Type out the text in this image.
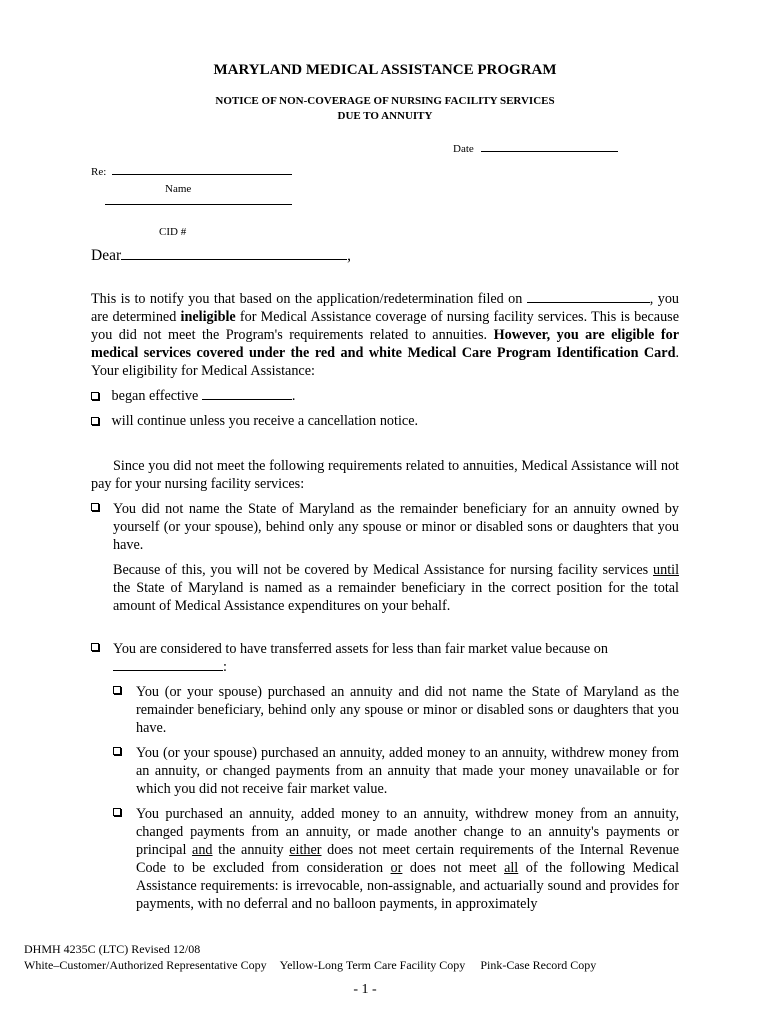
MARYLAND MEDICAL ASSISTANCE PROGRAM
NOTICE OF NON-COVERAGE OF NURSING FACILITY SERVICES
DUE TO ANNUITY
Date
Re:
Name
CID #
Dear	,
This is to notify you that based on the application/redetermination filed on	, you are determined ineligible for Medical Assistance coverage of nursing facility services. This is because you did not meet the Program's requirements related to annuities. However, you are eligible for medical services covered under the red and white Medical Care Program Identification Card. Your eligibility for Medical Assistance:
began effective	.
will continue unless you receive a cancellation notice.
Since you did not meet the following requirements related to annuities, Medical Assistance will not pay for your nursing facility services:
You did not name the State of Maryland as the remainder beneficiary for an annuity owned by yourself (or your spouse), behind only any spouse or minor or disabled sons or daughters that you have.
Because of this, you will not be covered by Medical Assistance for nursing facility services until the State of Maryland is named as a remainder beneficiary in the correct position for the total amount of Medical Assistance expenditures on your behalf.
You are considered to have transferred assets for less than fair market value because on
:
You (or your spouse) purchased an annuity and did not name the State of Maryland as the remainder beneficiary, behind only any spouse or minor or disabled sons or daughters that you have.
You (or your spouse) purchased an annuity, added money to an annuity, withdrew money from an annuity, or changed payments from an annuity that made your money unavailable or for which you did not receive fair market value.
You purchased an annuity, added money to an annuity, withdrew money from an annuity, changed payments from an annuity, or made another change to an annuity's payments or principal and the annuity either does not meet certain requirements of the Internal Revenue Code to be excluded from consideration or does not meet all of the following Medical Assistance requirements: is irrevocable, non-assignable, and actuarially sound and provides for payments, with no deferral and no balloon payments, in approximately
DHMH 4235C (LTC) Revised 12/08
White–Customer/Authorized Representative Copy Yellow-Long Term Care Facility Copy Pink-Case Record Copy
- 1 -
